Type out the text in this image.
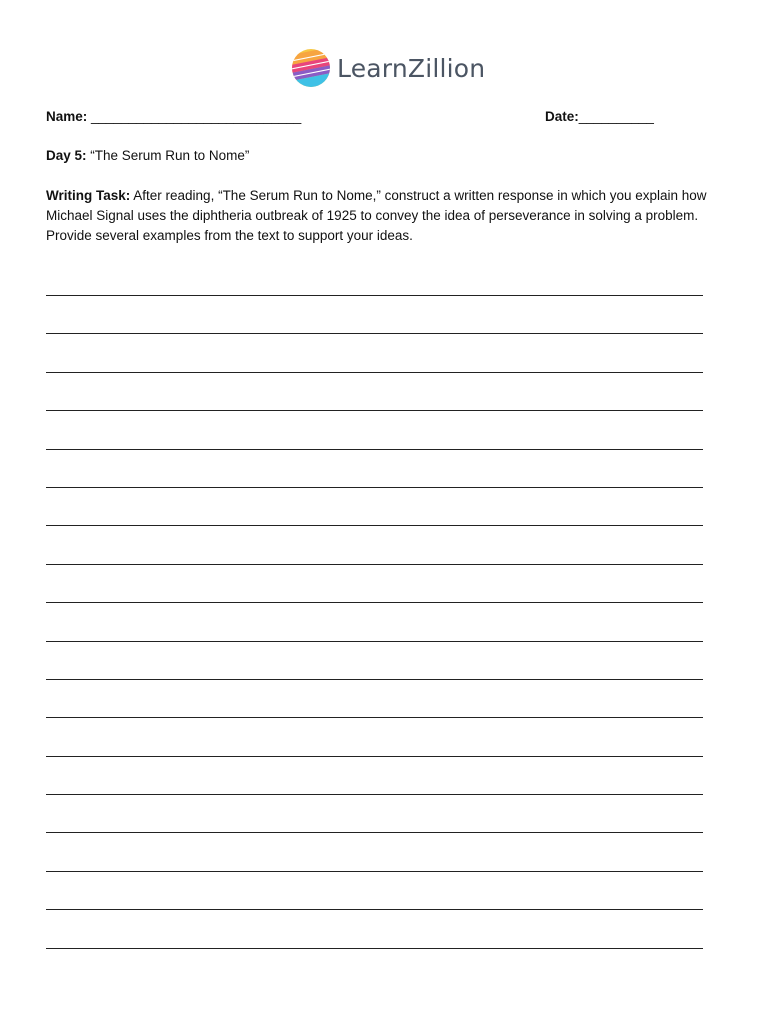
LearnZillion
Name: ____________________________	Date:__________
Day 5: “The Serum Run to Nome”
Writing Task: After reading, “The Serum Run to Nome,” construct a written response in which you explain how Michael Signal uses the diphtheria outbreak of 1925 to convey the idea of perseverance in solving a problem. Provide several examples from the text to support your ideas.
